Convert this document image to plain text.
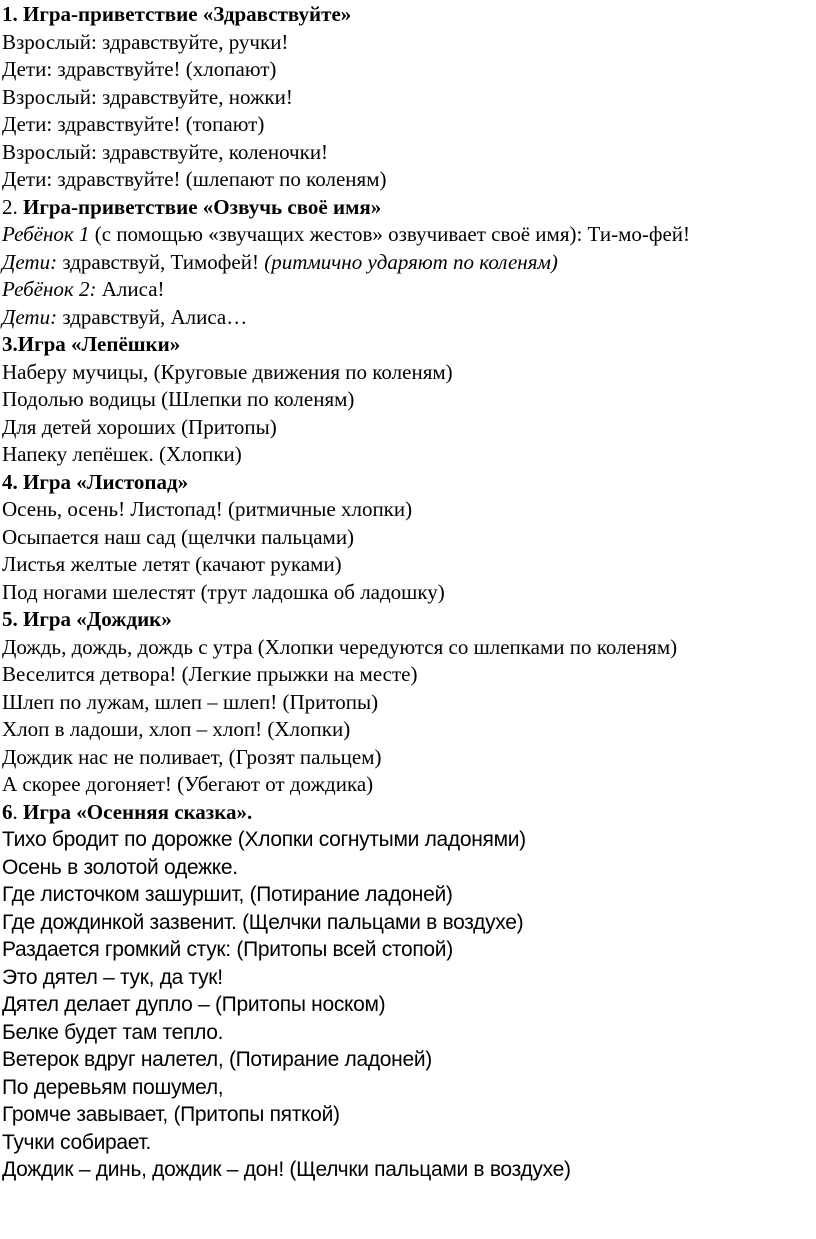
1. Игра-приветствие «Здравствуйте»
Взрослый: здравствуйте, ручки!
Дети: здравствуйте! (хлопают)
Взрослый: здравствуйте, ножки!
Дети: здравствуйте! (топают)
Взрослый: здравствуйте, коленочки!
Дети: здравствуйте! (шлепают по коленям)
2. Игра-приветствие «Озвучь своё имя»
Ребёнок 1 (с помощью «звучащих жестов» озвучивает своё имя): Ти-мо-фей!
Дети: здравствуй, Тимофей! (ритмично ударяют по коленям)
Ребёнок 2: Алиса!
Дети: здравствуй, Алиса…
3.Игра «Лепёшки»
Наберу мучицы, (Круговые движения по коленям)
Подолью водицы (Шлепки по коленям)
Для детей хороших (Притопы)
Напеку лепёшек. (Хлопки)
4. Игра «Листопад»
Осень, осень! Листопад! (ритмичные хлопки)
Осыпается наш сад (щелчки пальцами)
Листья желтые летят (качают руками)
Под ногами шелестят (трут ладошка об ладошку)
5. Игра «Дождик»
Дождь, дождь, дождь с утра (Хлопки чередуются со шлепками по коленям)
Веселится детвора! (Легкие прыжки на месте)
Шлеп по лужам, шлеп – шлеп! (Притопы)
Хлоп в ладоши, хлоп – хлоп! (Хлопки)
Дождик нас не поливает, (Грозят пальцем)
А скорее догоняет! (Убегают от дождика)
6. Игра «Осенняя сказка».
Тихо бродит по дорожке (Хлопки согнутыми ладонями)
Осень в золотой одежке.
Где листочком зашуршит, (Потирание ладоней)
Где дождинкой зазвенит. (Щелчки пальцами в воздухе)
Раздается громкий стук: (Притопы всей стопой)
Это дятел – тук, да тук!
Дятел делает дупло – (Притопы носком)
Белке будет там тепло.
Ветерок вдруг налетел, (Потирание ладоней)
По деревьям пошумел,
Громче завывает, (Притопы пяткой)
Тучки собирает.
Дождик – динь, дождик – дон! (Щелчки пальцами в воздухе)
